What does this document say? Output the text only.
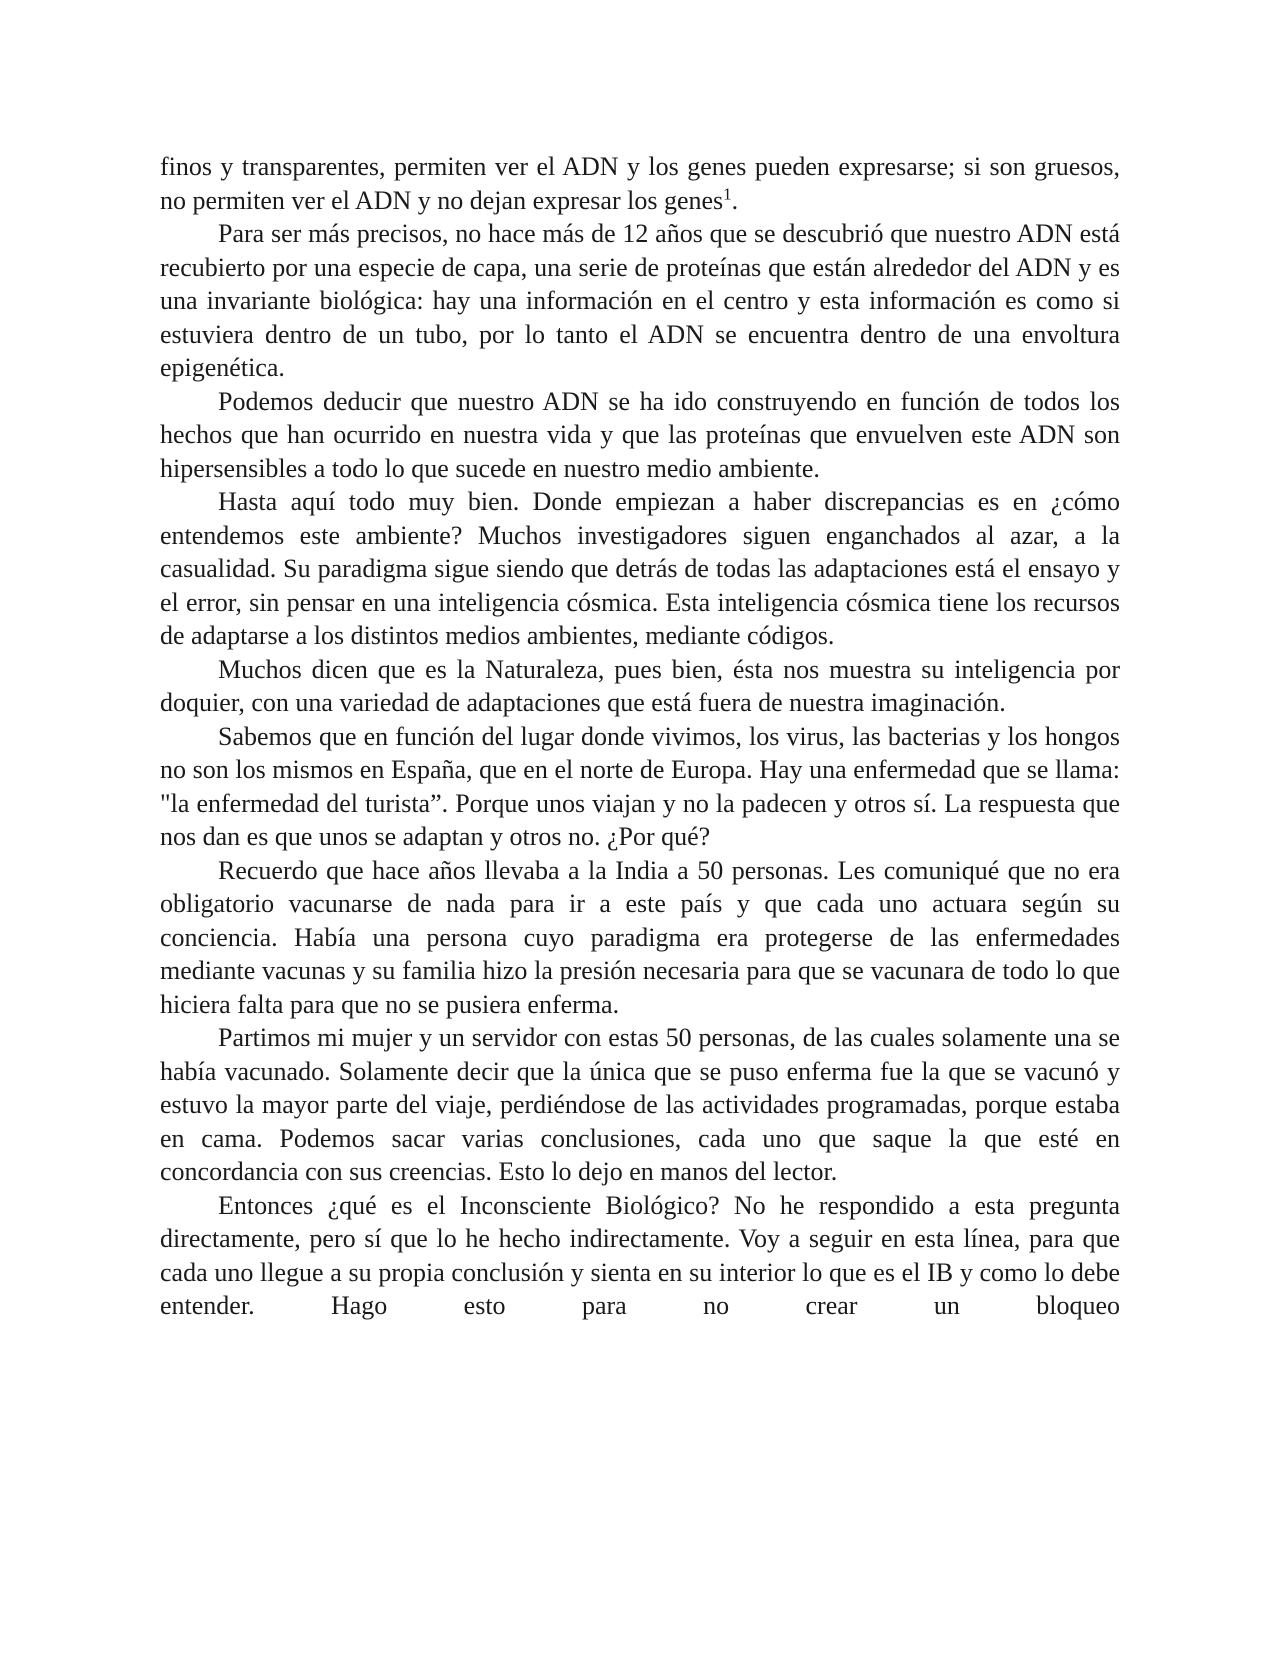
finos y transparentes, permiten ver el ADN y los genes pueden expresarse; si son gruesos, no permiten ver el ADN y no dejan expresar los genes$^1$.

Para ser más precisos, no hace más de 12 años que se descubrió que nuestro ADN está recubierto por una especie de capa, una serie de proteínas que están alrededor del ADN y es una invariante biológica: hay una información en el centro y esta información es como si estuviera dentro de un tubo, por lo tanto el ADN se encuentra dentro de una envoltura epigenética.

Podemos deducir que nuestro ADN se ha ido construyendo en función de todos los hechos que han ocurrido en nuestra vida y que las proteínas que envuelven este ADN son hipersensibles a todo lo que sucede en nuestro medio ambiente.

Hasta aquí todo muy bien. Donde empiezan a haber discrepancias es en ¿cómo entendemos este ambiente? Muchos investigadores siguen enganchados al azar, a la casualidad. Su paradigma sigue siendo que detrás de todas las adaptaciones está el ensayo y el error, sin pensar en una inteligencia cósmica. Esta inteligencia cósmica tiene los recursos de adaptarse a los distintos medios ambientes, mediante códigos.

Muchos dicen que es la Naturaleza, pues bien, ésta nos muestra su inteligencia por doquier, con una variedad de adaptaciones que está fuera de nuestra imaginación.

Sabemos que en función del lugar donde vivimos, los virus, las bacterias y los hongos no son los mismos en España, que en el norte de Europa. Hay una enfermedad que se llama: "la enfermedad del turista”. Porque unos viajan y no la padecen y otros sí. La respuesta que nos dan es que unos se adaptan y otros no. ¿Por qué?

Recuerdo que hace años llevaba a la India a 50 personas. Les comuniqué que no era obligatorio vacunarse de nada para ir a este país y que cada uno actuara según su conciencia. Había una persona cuyo paradigma era protegerse de las enfermedades mediante vacunas y su familia hizo la presión necesaria para que se vacunara de todo lo que hiciera falta para que no se pusiera enferma.

Partimos mi mujer y un servidor con estas 50 personas, de las cuales solamente una se había vacunado. Solamente decir que la única que se puso enferma fue la que se vacunó y estuvo la mayor parte del viaje, perdiéndose de las actividades programadas, porque estaba en cama. Podemos sacar varias conclusiones, cada uno que saque la que esté en concordancia con sus creencias. Esto lo dejo en manos del lector.

Entonces ¿qué es el Inconsciente Biológico? No he respondido a esta pregunta directamente, pero sí que lo he hecho indirectamente. Voy a seguir en esta línea, para que cada uno llegue a su propia conclusión y sienta en su interior lo que es el IB y como lo debe entender. Hago esto para no crear un bloqueo
